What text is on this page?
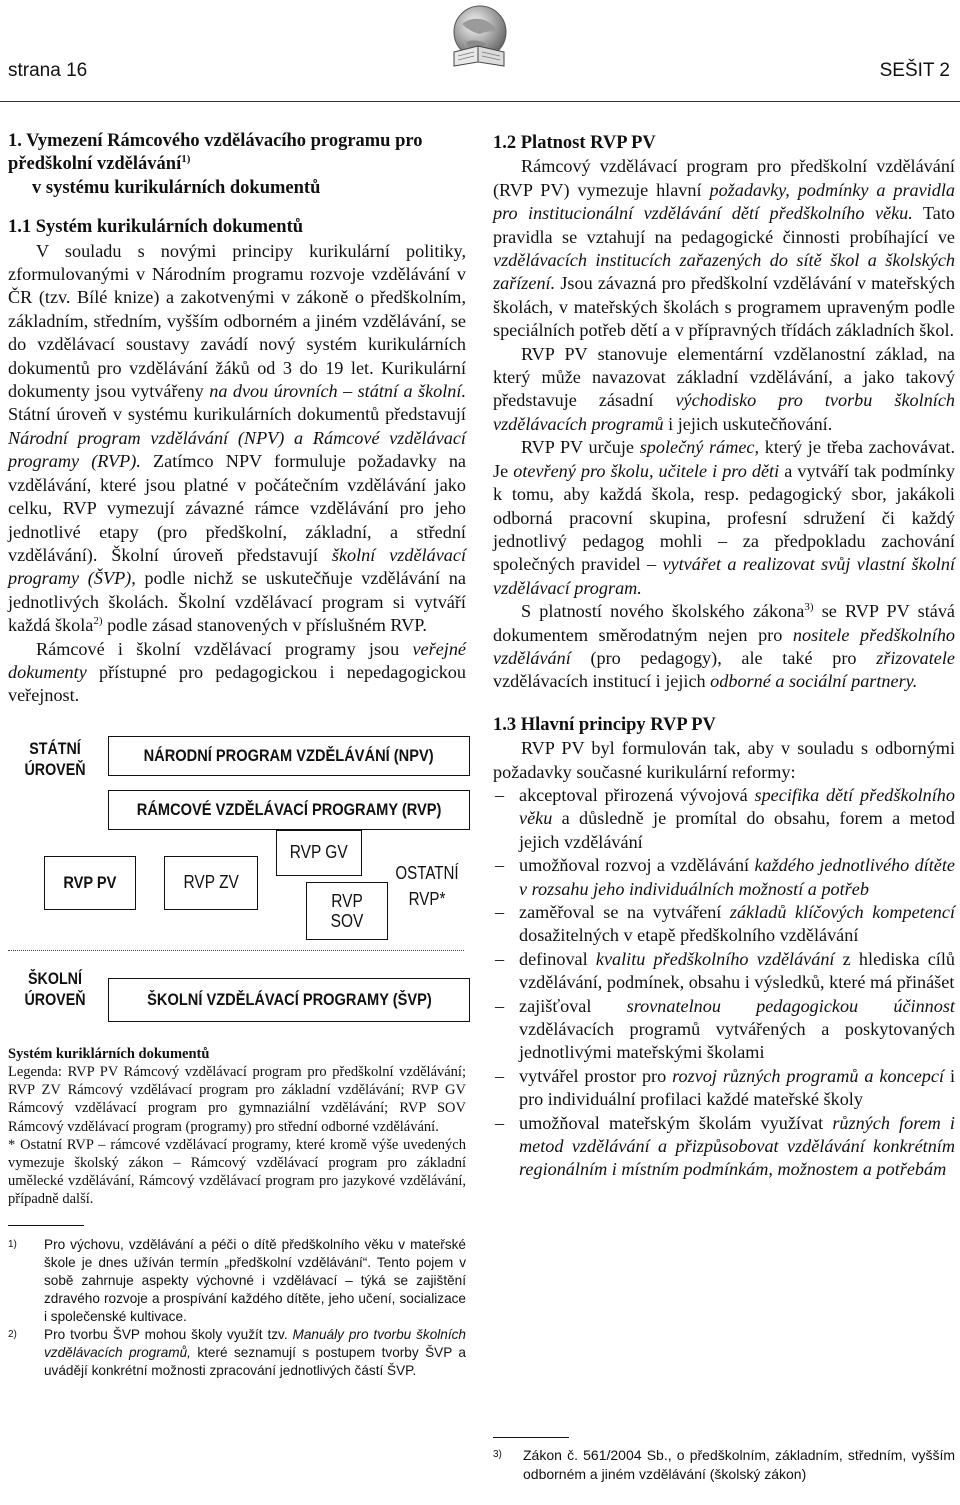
strana 16	SEŠIT 2
1. Vymezení Rámcového vzdělávacího programu pro předškolní vzdělávání$^{1)}$
v systému kurikulárních dokumentů
1.1 Systém kurikulárních dokumentů

V souladu s novými principy kurikulární politiky, zformulovanými v Národním programu rozvoje vzdělávání v ČR (tzv. Bílé knize) a zakotvenými v zákoně o předškolním, základním, středním, vyšším odborném a jiném vzdělávání, se do vzdělávací soustavy zavádí nový systém kurikulárních dokumentů pro vzdělávání žáků od 3 do 19 let. Kurikulární dokumenty jsou vytvářeny na dvou úrovních – státní a školní. Státní úroveň v systému kurikulárních dokumentů představují Národní program vzdělávání (NPV) a Rámcové vzdělávací programy (RVP). Zatímco NPV formuluje požadavky na vzdělávání, které jsou platné v počátečním vzdělávání jako celku, RVP vymezují závazné rámce vzdělávání pro jeho jednotlivé etapy (pro předškolní, základní, a střední vzdělávání). Školní úroveň představují školní vzdělávací programy (ŠVP), podle nichž se uskutečňuje vzdělávání na jednotlivých školách. Školní vzdělávací program si vytváří každá škola$^{2)}$ podle zásad stanovených v příslušném RVP.

Rámcové i školní vzdělávací programy jsou veřejné dokumenty přístupné pro pedagogickou i nepedagogickou veřejnost.

STÁTNÍ ÚROVEŇ
NÁRODNÍ PROGRAM VZDĚLÁVÁNÍ (NPV)
RÁMCOVÉ VZDĚLÁVACÍ PROGRAMY (RVP)
RVP PV	RVP ZV
RVP GV
RVP SOV
OSTATNÍ RVP*
ŠKOLNÍ ÚROVEŇ	ŠKOLNÍ VZDĚLÁVACÍ PROGRAMY (ŠVP)
Systém kuriklárních dokumentů

Legenda: RVP PV Rámcový vzdělávací program pro předškolní vzdělávání; RVP ZV Rámcový vzdělávací program pro základní vzdělávání; RVP GV Rámcový vzdělávací program pro gymnaziální vzdělávání; RVP SOV Rámcový vzdělávací program (programy) pro střední odborné vzdělávání.

* Ostatní RVP – rámcové vzdělávací programy, které kromě výše uvedených vymezuje školský zákon – Rámcový vzdělávací program pro základní umělecké vzdělávání, Rámcový vzdělávací program pro jazykové vzdělávání, případně další.

1)	Pro výchovu, vzdělávání a péči o dítě předškolního věku v mateřské škole je dnes užíván termín „předškolní vzdělávání“. Tento pojem v sobě zahrnuje aspekty výchovné i vzdělávací – týká se zajištění zdravého rozvoje a prospívání každého dítěte, jeho učení, socializace i společenské kultivace.
2)	Pro tvorbu ŠVP mohou školy využít tzv. Manuály pro tvorbu školních vzdělávacích programů, které seznamují s postupem tvorby ŠVP a uvádějí konkrétní možnosti zpracování jednotlivých částí ŠVP.
1.2 Platnost RVP PV

Rámcový vzdělávací program pro předškolní vzdělávání (RVP PV) vymezuje hlavní požadavky, podmínky a pravidla pro institucionální vzdělávání dětí předškolního věku. Tato pravidla se vztahují na pedagogické činnosti probíhající ve vzdělávacích institucích zařazených do sítě škol a školských zařízení. Jsou závazná pro předškolní vzdělávání v mateřských školách, v mateřských školách s programem upraveným podle speciálních potřeb dětí a v přípravných třídách základních škol.

RVP PV stanovuje elementární vzdělanostní základ, na který může navazovat základní vzdělávání, a jako takový představuje zásadní východisko pro tvorbu školních vzdělávacích programů i jejich uskutečňování.

RVP PV určuje společný rámec, který je třeba zachovávat. Je otevřený pro školu, učitele i pro děti a vytváří tak podmínky k tomu, aby každá škola, resp. pedagogický sbor, jakákoli odborná pracovní skupina, profesní sdružení či každý jednotlivý pedagog mohli – za předpokladu zachování společných pravidel – vytvářet a realizovat svůj vlastní školní vzdělávací program.

S platností nového školského zákona$^{3)}$ se RVP PV stává dokumentem směrodatným nejen pro nositele předškolního vzdělávání (pro pedagogy), ale také pro zřizovatele vzdělávacích institucí i jejich odborné a sociální partnery.

1.3 Hlavní principy RVP PV

RVP PV byl formulován tak, aby v souladu s odbornými požadavky současné kurikulární reformy:

– akceptoval přirozená vývojová specifika dětí předškolního věku a důsledně je promítal do obsahu, forem a metod jejich vzdělávání
– umožňoval rozvoj a vzdělávání každého jednotlivého dítěte v rozsahu jeho individuálních možností a potřeb
– zaměřoval se na vytváření základů klíčových kompetencí dosažitelných v etapě předškolního vzdělávání
– definoval kvalitu předškolního vzdělávání z hlediska cílů vzdělávání, podmínek, obsahu i výsledků, které má přinášet
– zajišťoval srovnatelnou pedagogickou účinnost vzdělávacích programů vytvářených a poskytovaných jednotlivými mateřskými školami
– vytvářel prostor pro rozvoj různých programů a koncepcí i pro individuální profilaci každé mateřské školy
– umožňoval mateřským školám využívat různých forem i metod vzdělávání a přizpůsobovat vzdělávání konkrétním regionálním i místním podmínkám, možnostem a potřebám
3)	Zákon č. 561/2004 Sb., o předškolním, základním, středním, vyšším odborném a jiném vzdělávání (školský zákon)
